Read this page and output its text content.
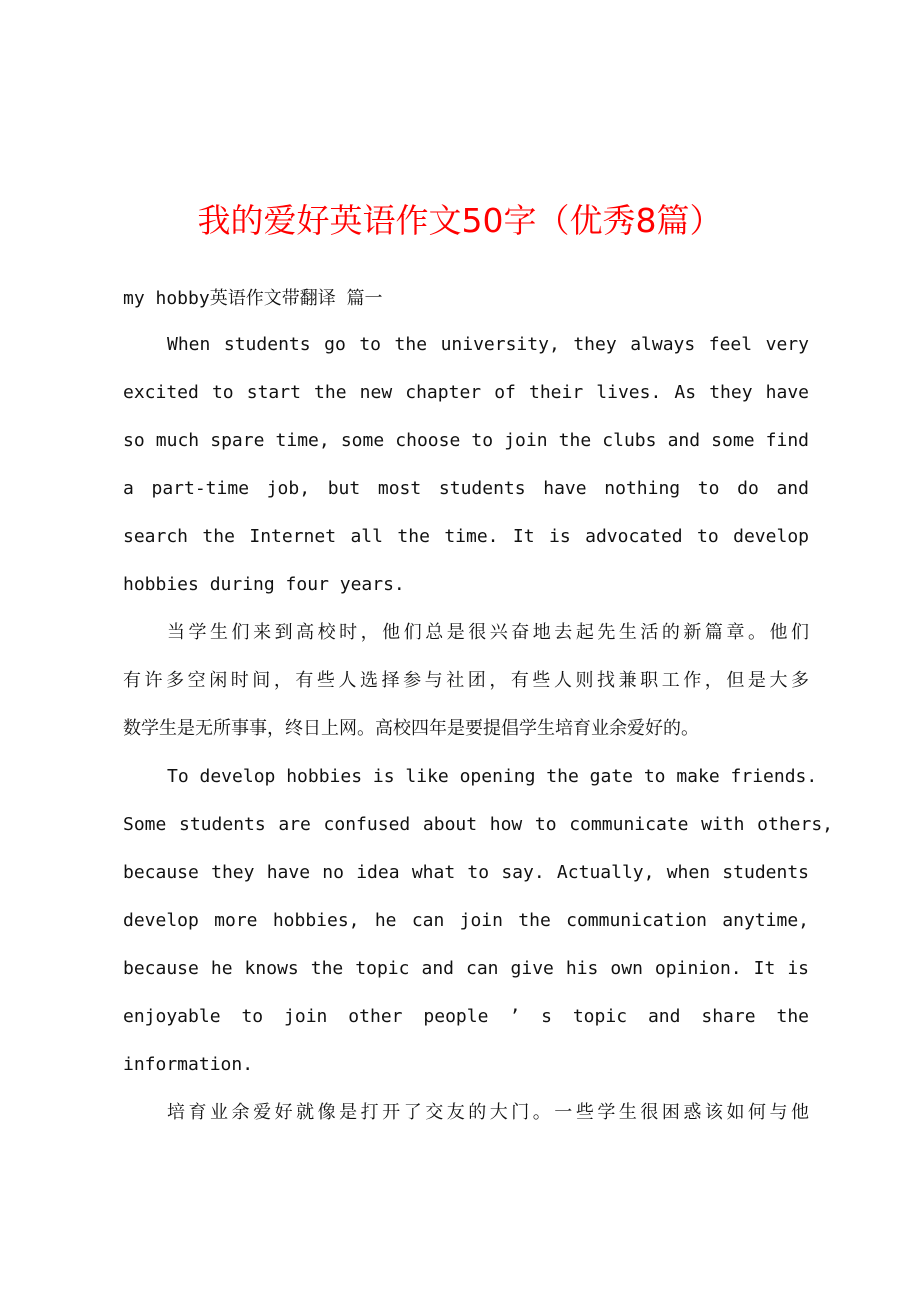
我的爱好英语作文50字（优秀8篇）
my hobby英语作文带翻译 篇一
When students go to the university, they always feel very
excited to start the new chapter of their lives. As they have
so much spare time, some choose to join the clubs and some find
a part-time job, but most students have nothing to do and
search the Internet all the time. It is advocated to develop
hobbies during four years.
当学生们来到高校时，他们总是很兴奋地去起先生活的新篇章。他们
有许多空闲时间，有些人选择参与社团，有些人则找兼职工作，但是大多
数学生是无所事事，终日上网。高校四年是要提倡学生培育业余爱好的。
To develop hobbies is like opening the gate to make friends.
Some students are confused about how to communicate with others,
because they have no idea what to say. Actually, when students
develop more hobbies, he can join the communication anytime,
because he knows the topic and can give his own opinion. It is
enjoyable to join other people ’ s topic and share the
information.
培育业余爱好就像是打开了交友的大门。一些学生很困惑该如何与他
